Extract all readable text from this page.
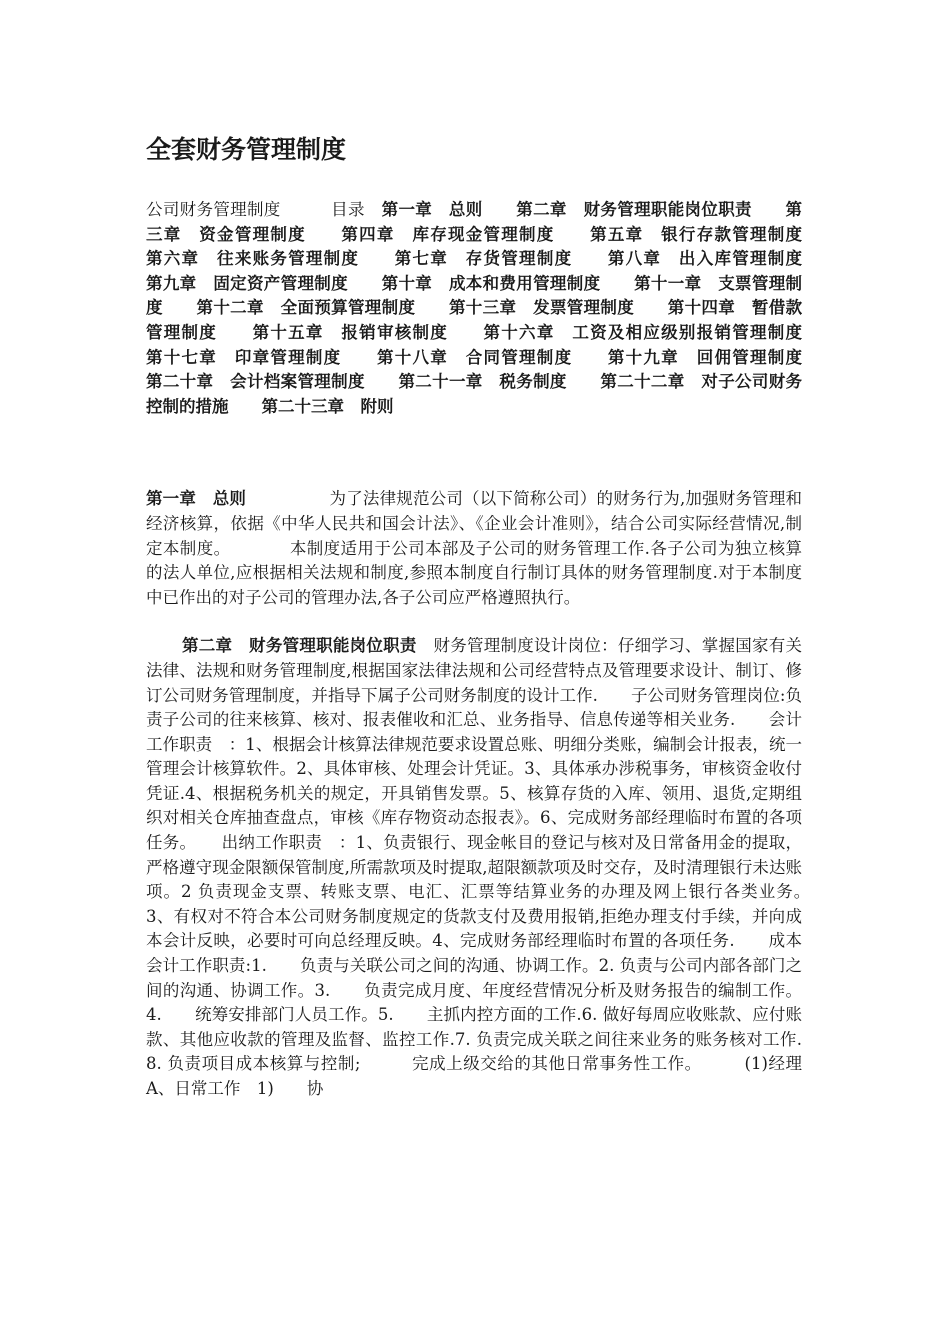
全套财务管理制度

公司财务管理制度　　　目录　第一章　总则　　 第二章　财务管理职能岗位职责　　 第三章　资金管理制度　　 第四章　库存现金管理制度　　 第五章　银行存款管理制度　　第六章　往来账务管理制度　　 第七章　存货管理制度　　 第八章　出入库管理制度　　第九章　固定资产管理制度　　 第十章　成本和费用管理制度　　 第十一章　支票管理制度　　 第十二章　全面预算管理制度　　 第十三章　发票管理制度　　 第十四章　暂借款管理制度　　 第十五章　报销审核制度　　 第十六章　工资及相应级别报销管理制度　　第十七章　印章管理制度　　 第十八章　合同管理制度　　 第十九章　回佣管理制度　　第二十章　会计档案管理制度　　 第二十一章　税务制度　　 第二十二章　对子公司财务控制的措施　　 第二十三章　附则

第一章　总则　　　　　为了法律规范公司（以下简称公司）的财务行为,加强财务管理和经济核算，依据《中华人民共和国会计法》、《企业会计准则》，结合公司实际经营情况,制定本制度。　　　　本制度适用于公司本部及子公司的财务管理工作.各子公司为独立核算的法人单位,应根据相关法规和制度,参照本制度自行制订具体的财务管理制度.对于本制度中已作出的对子公司的管理办法,各子公司应严格遵照执行。

第二章　财务管理职能岗位职责　财务管理制度设计岗位：仔细学习、掌握国家有关法律、法规和财务管理制度,根据国家法律法规和公司经营特点及管理要求设计、制订、修订公司财务管理制度，并指导下属子公司财务制度的设计工作.　　子公司财务管理岗位:负责子公司的往来核算、核对、报表催收和汇总、业务指导、信息传递等相关业务.　　会计工作职责　：1、根据会计核算法律规范要求设置总账、明细分类账，编制会计报表，统一管理会计核算软件。2、具体审核、处理会计凭证。3、具体承办涉税事务，审核资金收付凭证.4、根据税务机关的规定，开具销售发票。5、核算存货的入库、领用、退货,定期组织对相关仓库抽查盘点，审核《库存物资动态报表》。6、完成财务部经理临时布置的各项任务。　　出纳工作职责　：1、负责银行、现金帐目的登记与核对及日常备用金的提取，严格遵守现金限额保管制度,所需款项及时提取,超限额款项及时交存，及时清理银行未达账项。2 负责现金支票、转账支票、电汇、汇票等结算业务的办理及网上银行各类业务。　3、有权对不符合本公司财务制度规定的货款支付及费用报销,拒绝办理支付手续，并向成本会计反映，必要时可向总经理反映。4、完成财务部经理临时布置的各项任务.　　成本会计工作职责:1.　　负责与关联公司之间的沟通、协调工作。2. 负责与公司内部各部门之间的沟通、协调工作。3.　　负责完成月度、年度经营情况分析及财务报告的编制工作。4.　　统筹安排部门人员工作。5.　　主抓内控方面的工作.6. 做好每周应收账款、应付账款、其他应收款的管理及监督、监控工作.7. 负责完成关联之间往来业务的账务核对工作.8. 负责项目成本核算与控制;　　　完成上级交给的其他日常事务性工作。　　　(1)经理　A、日常工作　1)　　协
